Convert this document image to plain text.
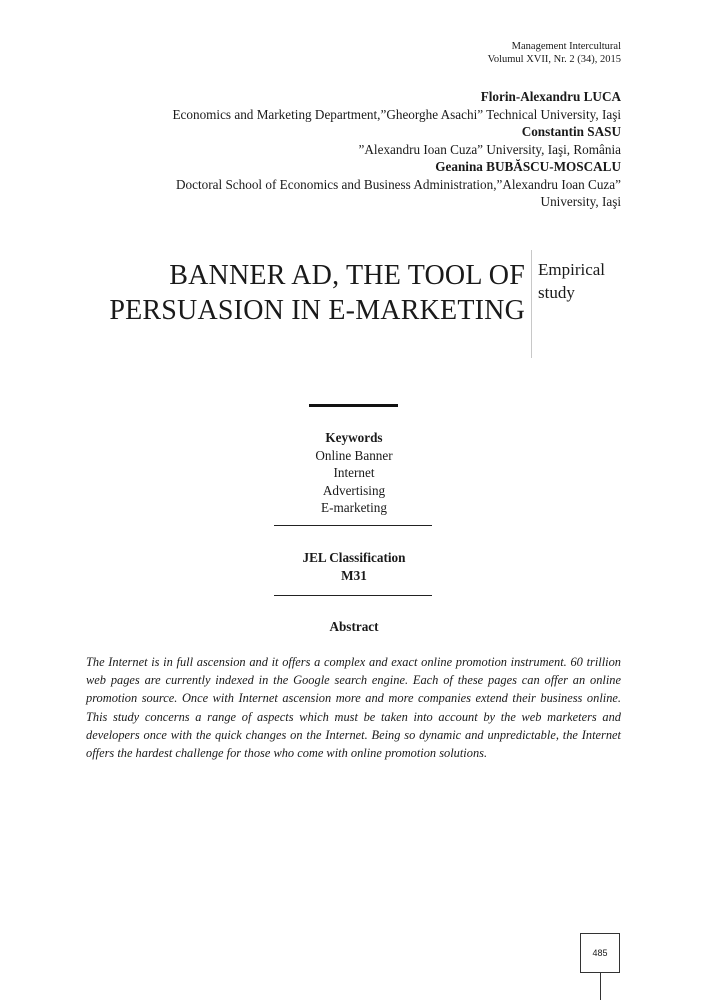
Management Intercultural
Volumul XVII, Nr. 2 (34), 2015
Florin-Alexandru LUCA
Economics and Marketing Department,”Gheorghe Asachi” Technical University, Iaşi
Constantin SASU
”Alexandru Ioan Cuza” University, Iaşi, România
Geanina BUBĂSCU-MOSCALU
Doctoral School of Economics and Business Administration,”Alexandru Ioan Cuza”
University, Iaşi
BANNER AD, THE TOOL OF
PERSUASION IN E-MARKETING
Empirical
study
Keywords
Online Banner
Internet
Advertising
E-marketing
JEL Classification
M31
Abstract
The Internet is in full ascension and it offers a complex and exact online promotion instrument. 60 trillion web pages are currently indexed in the Google search engine. Each of these pages can offer an online promotion source. Once with Internet ascension more and more companies extend their business online. This study concerns a range of aspects which must be taken into account by the web marketers and developers once with the quick changes on the Internet. Being so dynamic and unpredictable, the Internet offers the hardest challenge for those who come with online promotion solutions.
485
